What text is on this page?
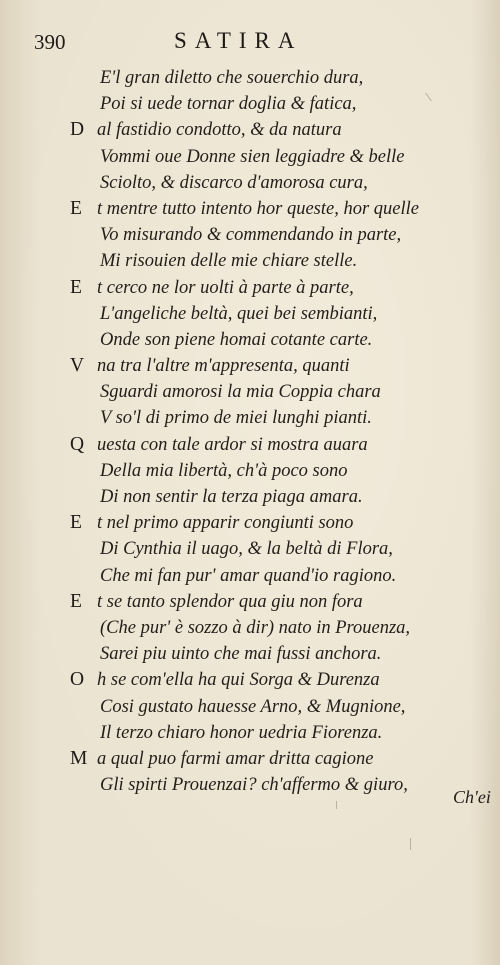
390	SATIRA
E'l gran diletto che souerchio dura,
Poi si uede tornar doglia & fatica,
D al fastidio condotto, & da natura
Vommi oue Donne sien leggiadre & belle
Sciolto, & discarco d'amorosa cura,
E t mentre tutto intento hor queste, hor quelle
Vo misurando & commendando in parte,
Mi risouien delle mie chiare stelle.
E t cerco ne lor uolti à parte à parte,
L'angeliche beltà, quei bei sembianti,
Onde son piene homai cotante carte.
V na tra l'altre m'appresenta, quanti
Sguardi amorosi la mia Coppia chara
V so'l di primo de miei lunghi pianti.
Q uesta con tale ardor si mostra auara
Della mia libertà, ch'à poco sono
Di non sentir la terza piaga amara.
E t nel primo apparir congiunti sono
Di Cynthia il uago, & la beltà di Flora,
Che mi fan pur' amar quand'io ragiono.
E t se tanto splendor qua giu non fora
(Che pur' è sozzo à dir) nato in Prouenza,
Sarei piu uinto che mai fussi anchora.
O h se com'ella ha qui Sorga & Durenza
Cosi gustato hauesse Arno, & Mugnione,
Il terzo chiaro honor uedria Fiorenza.
M a qual puo farmi amar dritta cagione
Gli spirti Prouenzai? ch'affermo & giuro,
Ch'ei
